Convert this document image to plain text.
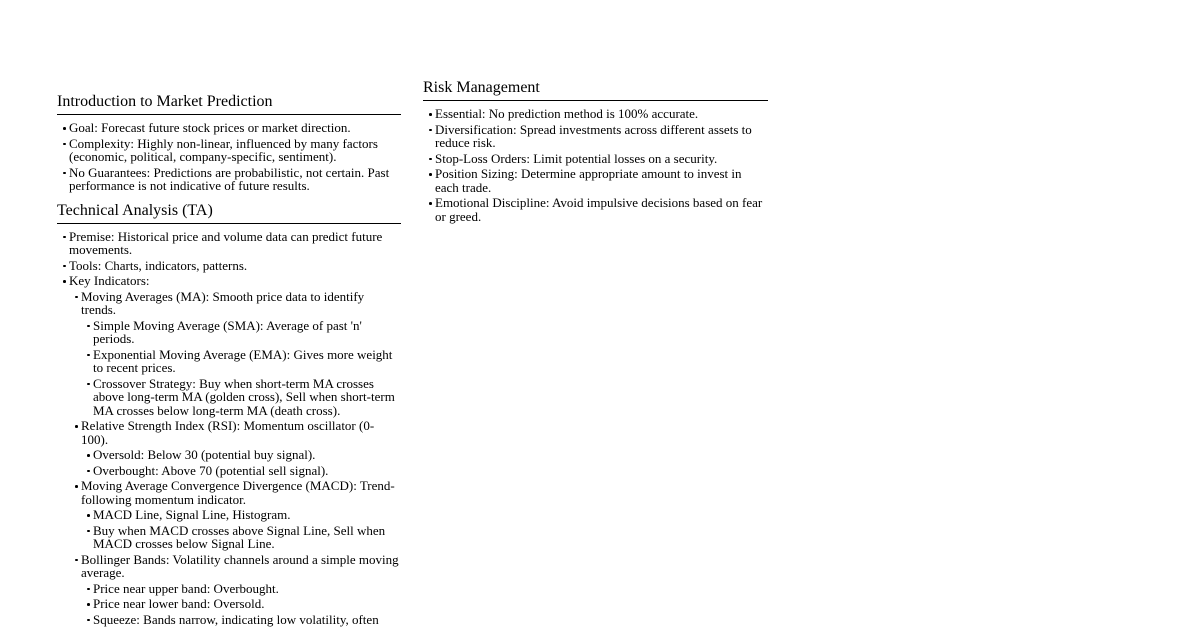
Introduction to Market Prediction
Goal: Forecast future stock prices or market direction.
Complexity: Highly non-linear, influenced by many factors (economic, political, company-specific, sentiment).
No Guarantees: Predictions are probabilistic, not certain. Past performance is not indicative of future results.
Technical Analysis (TA)
Premise: Historical price and volume data can predict future movements.
Tools: Charts, indicators, patterns.
Key Indicators:
Moving Averages (MA): Smooth price data to identify trends.
Simple Moving Average (SMA): Average of past 'n' periods.
Exponential Moving Average (EMA): Gives more weight to recent prices.
Crossover Strategy: Buy when short-term MA crosses above long-term MA (golden cross), Sell when short-term MA crosses below long-term MA (death cross).
Relative Strength Index (RSI): Momentum oscillator (0-100).
Oversold: Below 30 (potential buy signal).
Overbought: Above 70 (potential sell signal).
Moving Average Convergence Divergence (MACD): Trend-following momentum indicator.
MACD Line, Signal Line, Histogram.
Buy when MACD crosses above Signal Line, Sell when MACD crosses below Signal Line.
Bollinger Bands: Volatility channels around a simple moving average.
Price near upper band: Overbought.
Price near lower band: Oversold.
Squeeze: Bands narrow, indicating low volatility, often
Risk Management
Essential: No prediction method is 100% accurate.
Diversification: Spread investments across different assets to reduce risk.
Stop-Loss Orders: Limit potential losses on a security.
Position Sizing: Determine appropriate amount to invest in each trade.
Emotional Discipline: Avoid impulsive decisions based on fear or greed.
